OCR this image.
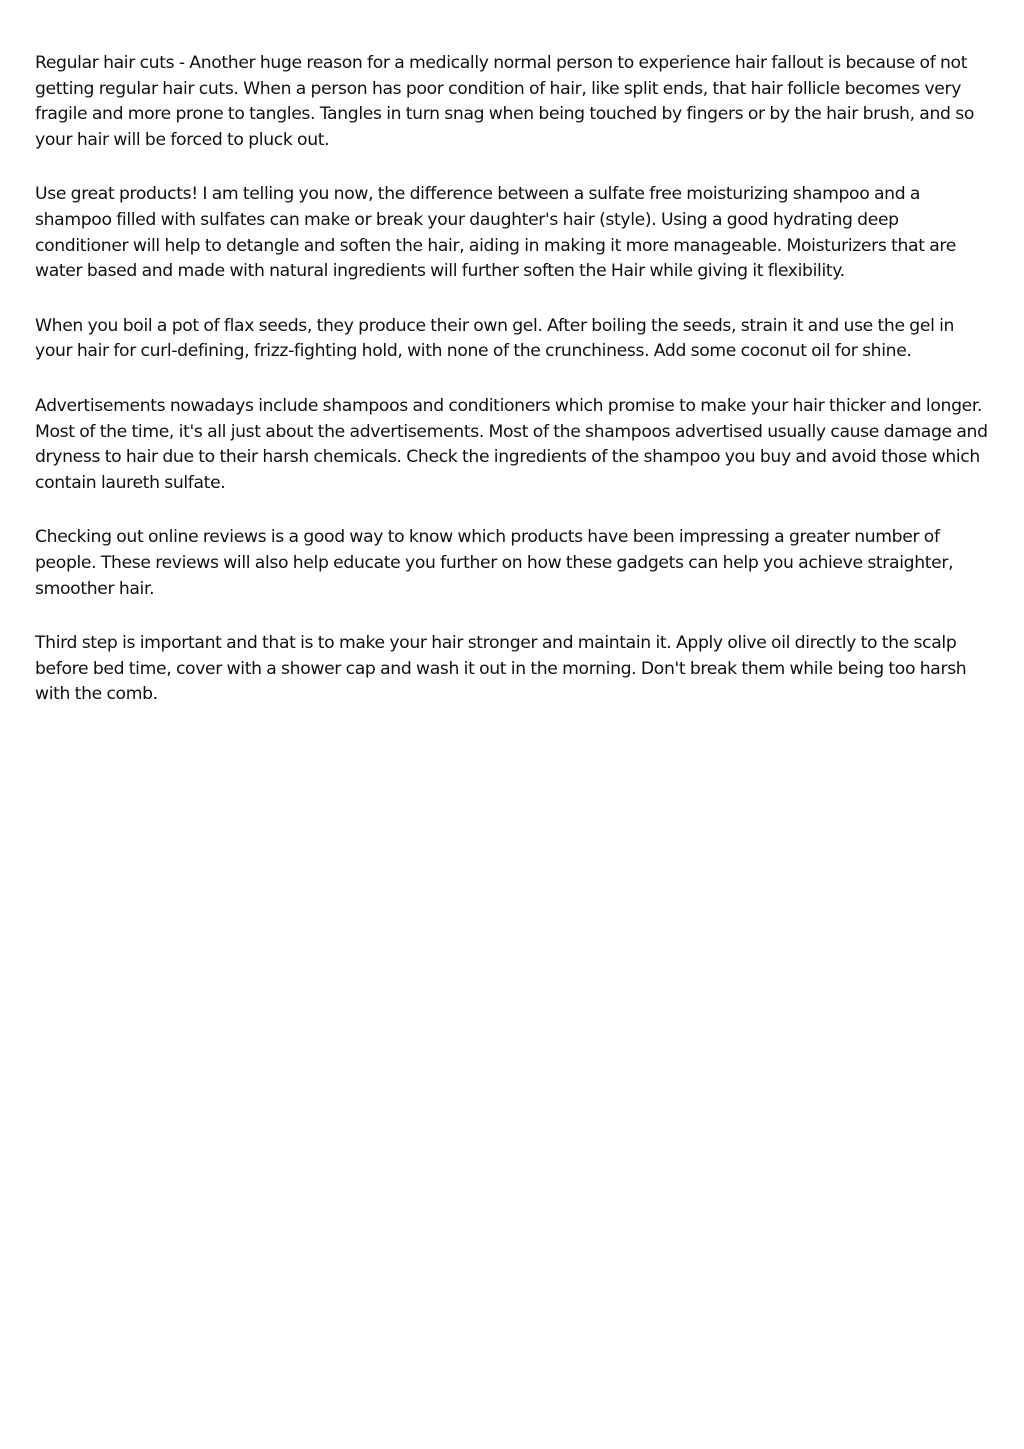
Regular hair cuts - Another huge reason for a medically normal person to experience hair fallout is because of not getting regular hair cuts. When a person has poor condition of hair, like split ends, that hair follicle becomes very fragile and more prone to tangles. Tangles in turn snag when being touched by fingers or by the hair brush, and so your hair will be forced to pluck out.

Use great products! I am telling you now, the difference between a sulfate free moisturizing shampoo and a shampoo filled with sulfates can make or break your daughter's hair (style). Using a good hydrating deep conditioner will help to detangle and soften the hair, aiding in making it more manageable. Moisturizers that are water based and made with natural ingredients will further soften the Hair while giving it flexibility.

When you boil a pot of flax seeds, they produce their own gel. After boiling the seeds, strain it and use the gel in your hair for curl-defining, frizz-fighting hold, with none of the crunchiness. Add some coconut oil for shine.

Advertisements nowadays include shampoos and conditioners which promise to make your hair thicker and longer. Most of the time, it's all just about the advertisements. Most of the shampoos advertised usually cause damage and dryness to hair due to their harsh chemicals. Check the ingredients of the shampoo you buy and avoid those which contain laureth sulfate.

Checking out online reviews is a good way to know which products have been impressing a greater number of people. These reviews will also help educate you further on how these gadgets can help you achieve straighter, smoother hair.

Third step is important and that is to make your hair stronger and maintain it. Apply olive oil directly to the scalp before bed time, cover with a shower cap and wash it out in the morning. Don't break them while being too harsh with the comb.
